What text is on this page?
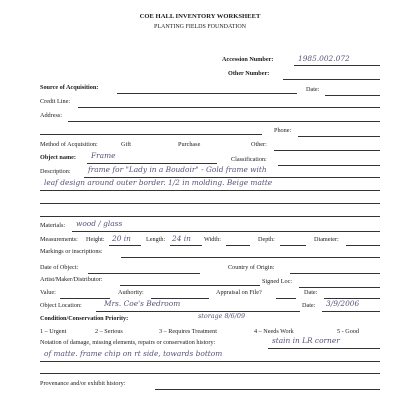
COE HALL INVENTORY WORKSHEET
PLANTING FIELDS FOUNDATION
Accession Number:	1985.002.072
Other Number:
Source of Acquisition:	Date:
Credit Line:
Address:
Phone:
Method of Acquisition:	Gift	Purchase	Other:
Object name: Frame	Classification:
Description: frame for "Lady in a Boudoir" - Gold frame with
leaf design around outer border. 1/2 in molding. Beige matte
Materials: wood / glass
Measurements: Height: 20 in Length: 24 in Width:	Depth:	Diameter:
Markings or inscriptions:
Date of Object:	Country of Origin:
Artist/Maker/Distributor:	Signed Loc:
Value:	Authority:	Appraisal on File?	Date:
Object Location:	Mrs. Coe's Bedroom	Date: 3/9/2006
storage 8/6/09
Condition/Conservation Priority:
1 – Urgent	2 – Serious	3 – Requires Treatment	4 – Needs Work	5 - Good
Notation of damage, missing elements, repairs or conservation history:	stain in LR corner
of matte. frame chip on rt side, towards bottom
Provenance and/or exhibit history:
